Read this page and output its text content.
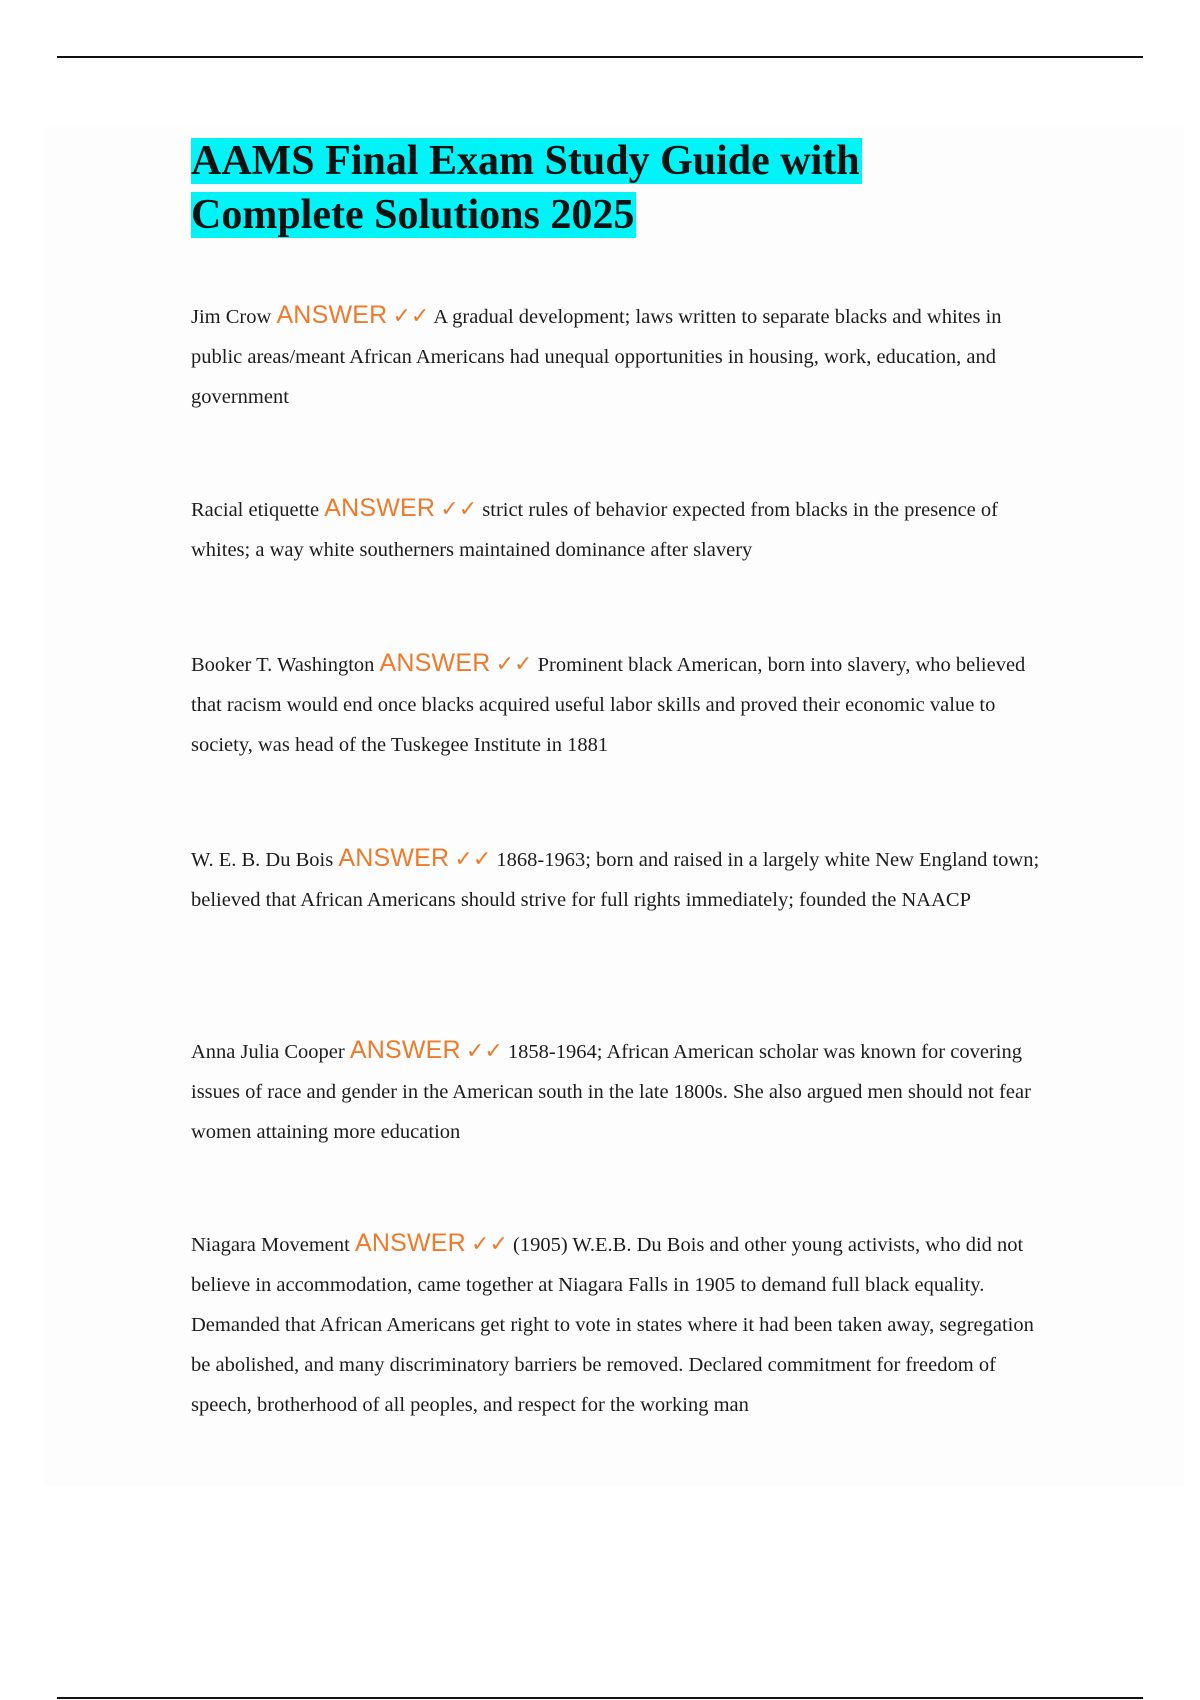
AAMS Final Exam Study Guide with Complete Solutions 2025

Jim Crow ANSWER ✓✓ A gradual development; laws written to separate blacks and whites in public areas/meant African Americans had unequal opportunities in housing, work, education, and government

Racial etiquette ANSWER ✓✓ strict rules of behavior expected from blacks in the presence of whites; a way white southerners maintained dominance after slavery

Booker T. Washington ANSWER ✓✓ Prominent black American, born into slavery, who believed that racism would end once blacks acquired useful labor skills and proved their economic value to society, was head of the Tuskegee Institute in 1881

W. E. B. Du Bois ANSWER ✓✓ 1868-1963; born and raised in a largely white New England town; believed that African Americans should strive for full rights immediately; founded the NAACP

Anna Julia Cooper ANSWER ✓✓ 1858-1964; African American scholar was known for covering issues of race and gender in the American south in the late 1800s. She also argued men should not fear women attaining more education

Niagara Movement ANSWER ✓✓ (1905) W.E.B. Du Bois and other young activists, who did not believe in accommodation, came together at Niagara Falls in 1905 to demand full black equality. Demanded that African Americans get right to vote in states where it had been taken away, segregation be abolished, and many discriminatory barriers be removed. Declared commitment for freedom of speech, brotherhood of all peoples, and respect for the working man
